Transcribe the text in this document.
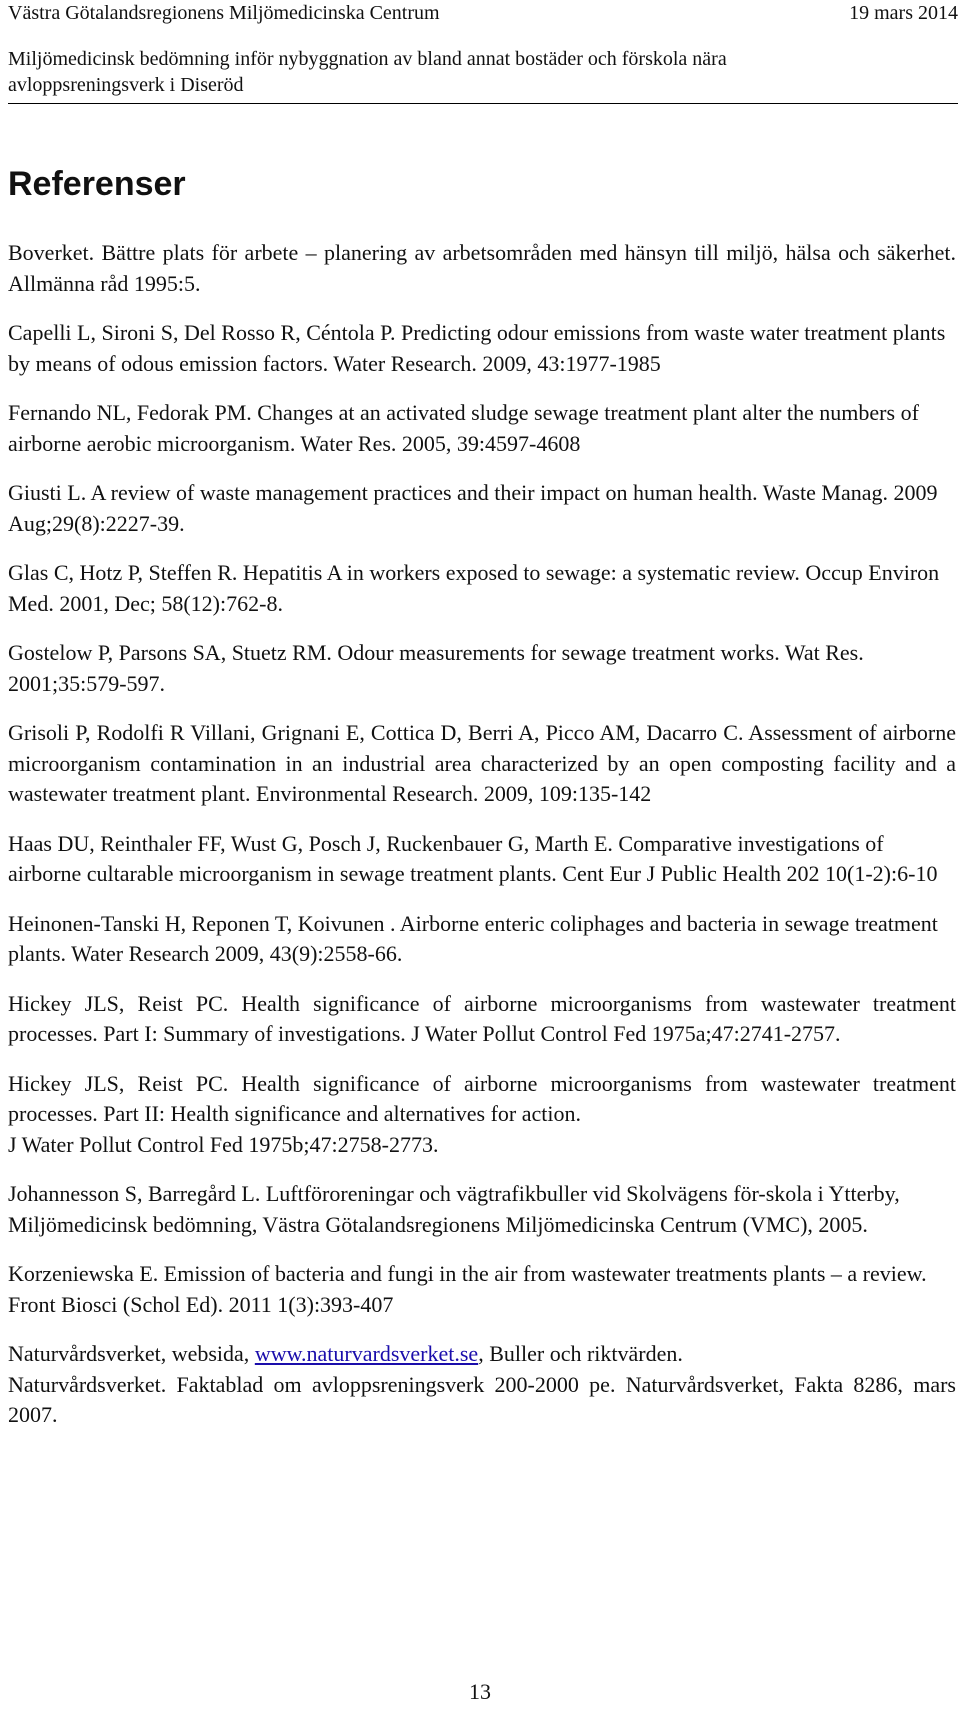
Västra Götalandsregionens Miljömedicinska Centrum	19 mars 2014
Miljömedicinsk bedömning inför nybyggnation av bland annat bostäder och förskola nära
avloppsreningsverk i Diseröd
Referenser

Boverket. Bättre plats för arbete – planering av arbetsområden med hänsyn till miljö, hälsa och säkerhet. Allmänna råd 1995:5.

Capelli L, Sironi S, Del Rosso R, Céntola P. Predicting odour emissions from waste water treatment plants by means of odous emission factors. Water Research. 2009, 43:1977-1985

Fernando NL, Fedorak PM. Changes at an activated sludge sewage treatment plant alter the numbers of airborne aerobic microorganism. Water Res. 2005, 39:4597-4608

Giusti L. A review of waste management practices and their impact on human health. Waste Manag. 2009 Aug;29(8):2227-39.

Glas C, Hotz P, Steffen R. Hepatitis A in workers exposed to sewage: a systematic review. Occup Environ Med. 2001, Dec; 58(12):762-8.

Gostelow P, Parsons SA, Stuetz RM. Odour measurements for sewage treatment works. Wat Res. 2001;35:579-597.

Grisoli P, Rodolfi R Villani, Grignani E, Cottica D, Berri A, Picco AM, Dacarro C. Assessment of airborne microorganism contamination in an industrial area characterized by an open composting facility and a wastewater treatment plant. Environmental Research. 2009, 109:135-142

Haas DU, Reinthaler FF, Wust G, Posch J, Ruckenbauer G, Marth E. Comparative investigations of airborne cultarable microorganism in sewage treatment plants. Cent Eur J Public Health 202 10(1-2):6-10

Heinonen-Tanski H, Reponen T, Koivunen . Airborne enteric coliphages and bacteria in sewage treatment plants. Water Research 2009, 43(9):2558-66.

Hickey JLS, Reist PC. Health significance of airborne microorganisms from wastewater treatment processes. Part I: Summary of investigations. J Water Pollut Control Fed 1975a;47:2741-2757.

Hickey JLS, Reist PC. Health significance of airborne microorganisms from wastewater treatment processes. Part II: Health significance and alternatives for action.

J Water Pollut Control Fed 1975b;47:2758-2773.

Johannesson S, Barregård L. Luftföroreningar och vägtrafikbuller vid Skolvägens för-skola i Ytterby, Miljömedicinsk bedömning, Västra Götalandsregionens Miljömedicinska Centrum (VMC), 2005.

Korzeniewska E. Emission of bacteria and fungi in the air from wastewater treatments plants – a review. Front Biosci (Schol Ed). 2011 1(3):393-407

Naturvårdsverket, websida, www.naturvardsverket.se, Buller och riktvärden.

Naturvårdsverket. Faktablad om avloppsreningsverk 200-2000 pe. Naturvårdsverket, Fakta 8286, mars 2007.

13
